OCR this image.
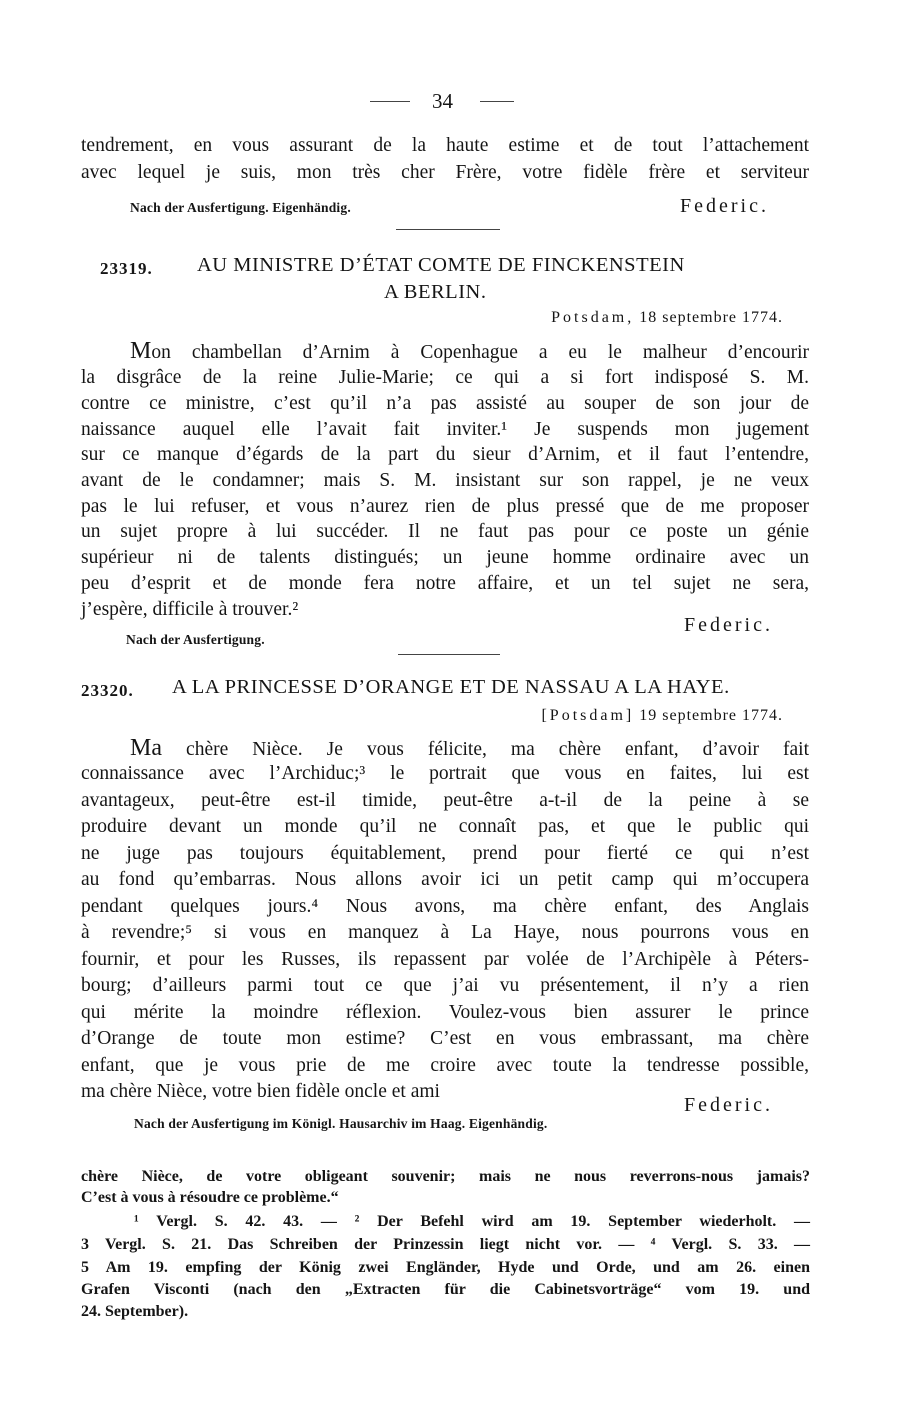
34
tendrement, en vous assurant de la haute estime et de tout l’attachement
avec lequel je suis, mon très cher Frère, votre fidèle frère et serviteur
Nach der Ausfertigung. Eigenhändig.	Federic.
23319. AU MINISTRE D’ÉTAT COMTE DE FINCKENSTEIN
A BERLIN.
Potsdam, 18 septembre 1774.
Mon chambellan d’Arnim à Copenhague a eu le malheur d’encourir
la disgrâce de la reine Julie-Marie; ce qui a si fort indisposé S. M.
contre ce ministre, c’est qu’il n’a pas assisté au souper de son jour de
naissance auquel elle l’avait fait inviter.¹ Je suspends mon jugement
sur ce manque d’égards de la part du sieur d’Arnim, et il faut l’entendre,
avant de le condamner; mais S. M. insistant sur son rappel, je ne veux
pas le lui refuser, et vous n’aurez rien de plus pressé que de me proposer
un sujet propre à lui succéder. Il ne faut pas pour ce poste un génie
supérieur ni de talents distingués; un jeune homme ordinaire avec un
peu d’esprit et de monde fera notre affaire, et un tel sujet ne sera,
j’espère, difficile à trouver.²
Federic.
Nach der Ausfertigung.
23320. A LA PRINCESSE D’ORANGE ET DE NASSAU A LA HAYE.
[Potsdam] 19 septembre 1774.
Ma chère Nièce. Je vous félicite, ma chère enfant, d’avoir fait
connaissance avec l’Archiduc;³ le portrait que vous en faites, lui est
avantageux, peut-être est-il timide, peut-être a-t-il de la peine à se
produire devant un monde qu’il ne connaît pas, et que le public qui
ne juge pas toujours équitablement, prend pour fierté ce qui n’est
au fond qu’embarras. Nous allons avoir ici un petit camp qui m’occupera
pendant quelques jours.⁴ Nous avons, ma chère enfant, des Anglais
à revendre;⁵ si vous en manquez à La Haye, nous pourrons vous en
fournir, et pour les Russes, ils repassent par volée de l’Archipèle à Péters-
bourg; d’ailleurs parmi tout ce que j’ai vu présentement, il n’y a rien
qui mérite la moindre réflexion. Voulez-vous bien assurer le prince
d’Orange de toute mon estime? C’est en vous embrassant, ma chère
enfant, que je vous prie de me croire avec toute la tendresse possible,
ma chère Nièce, votre bien fidèle oncle et ami
Federic.
Nach der Ausfertigung im Königl. Hausarchiv im Haag. Eigenhändig.
chère Nièce, de votre obligeant souvenir; mais ne nous reverrons-nous jamais?
C’est à vous à résoudre ce problème.“
¹ Vergl. S. 42. 43. — ² Der Befehl wird am 19. September wiederholt. —
3 Vergl. S. 21. Das Schreiben der Prinzessin liegt nicht vor. — ⁴ Vergl. S. 33. —
5 Am 19. empfing der König zwei Engländer, Hyde und Orde, und am 26. einen
Grafen Visconti (nach den „Extracten für die Cabinetsvorträge“ vom 19. und
24. September).
